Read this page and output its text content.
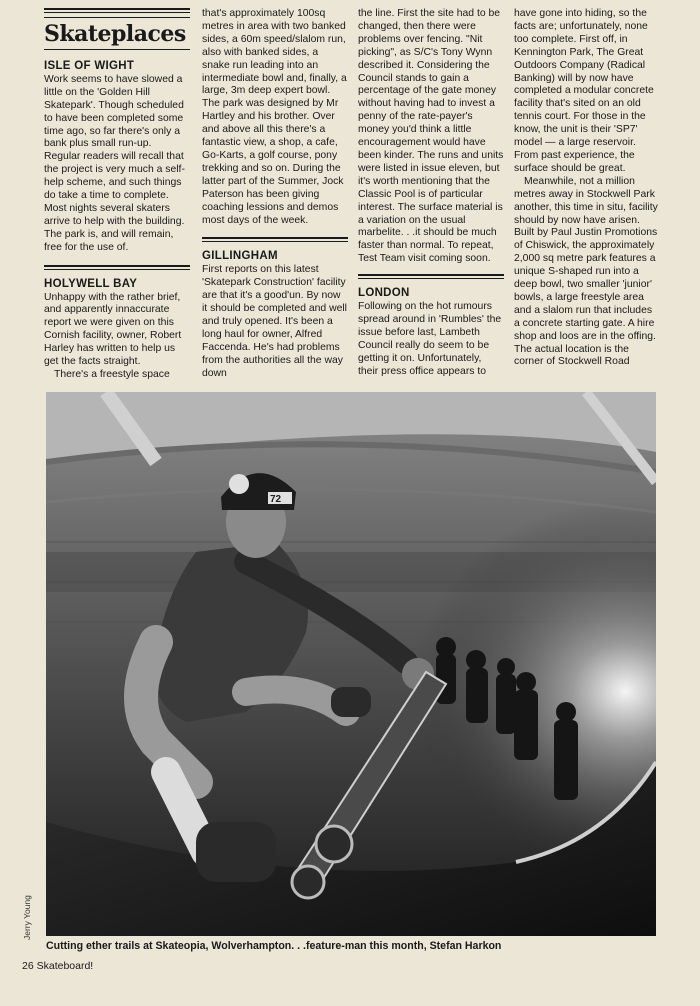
Skateplaces
ISLE OF WIGHT

Work seems to have slowed a little on the 'Golden Hill Skatepark'. Though scheduled to have been completed some time ago, so far there's only a bank plus small run-up. Regular readers will recall that the project is very much a self-help scheme, and such things do take a time to complete. Most nights several skaters arrive to help with the building. The park is, and will remain, free for the use of.

HOLYWELL BAY

Unhappy with the rather brief, and apparently innaccurate report we were given on this Cornish facility, owner, Robert Harley has written to help us get the facts straight.

There's a freestyle space

that's approximately 100sq metres in area with two banked sides, a 60m speed/slalom run, also with banked sides, a snake run leading into an intermediate bowl and, finally, a large, 3m deep expert bowl. The park was designed by Mr Hartley and his brother. Over and above all this there's a fantastic view, a shop, a cafe, Go-Karts, a golf course, pony trekking and so on. During the latter part of the Summer, Jock Paterson has been giving coaching lessions and demos most days of the week.

GILLINGHAM

First reports on this latest 'Skatepark Construction' facility are that it's a good'un. By now it should be completed and well and truly opened. It's been a long haul for owner, Alfred Faccenda. He's had problems from the authorities all the way down

the line. First the site had to be changed, then there were problems over fencing. "Nit picking", as S/C's Tony Wynn described it. Considering the Council stands to gain a percentage of the gate money without having had to invest a penny of the rate-payer's money you'd think a little encouragement would have been kinder. The runs and units were listed in issue eleven, but it's worth mentioning that the Classic Pool is of particular interest. The surface material is a variation on the usual marbelite. . .it should be much faster than normal. To repeat, Test Team visit coming soon.

LONDON

Following on the hot rumours spread around in 'Rumbles' the issue before last, Lambeth Council really do seem to be getting it on. Unfortunately, their press office appears to

have gone into hiding, so the facts are; unfortunately, none too complete. First off, in Kennington Park, The Great Outdoors Company (Radical Banking) will by now have completed a modular concrete facility that's sited on an old tennis court. For those in the know, the unit is their 'SP7' model — a large reservoir. From past experience, the surface should be great.

Meanwhile, not a million metres away in Stockwell Park another, this time in situ, facility should by now have arisen. Built by Paul Justin Promotions of Chiswick, the approximately 2,000 sq metre park features a unique S-shaped run into a deep bowl, two smaller 'junior' bowls, a large freestyle area and a slalom run that includes a concrete starting gate. A hire shop and loos are in the offing. The actual location is the corner of Stockwell Road

72
Jerry Young
Cutting ether trails at Skateopia, Wolverhampton. . .feature-man this month, Stefan Harkon
26 Skateboard!
